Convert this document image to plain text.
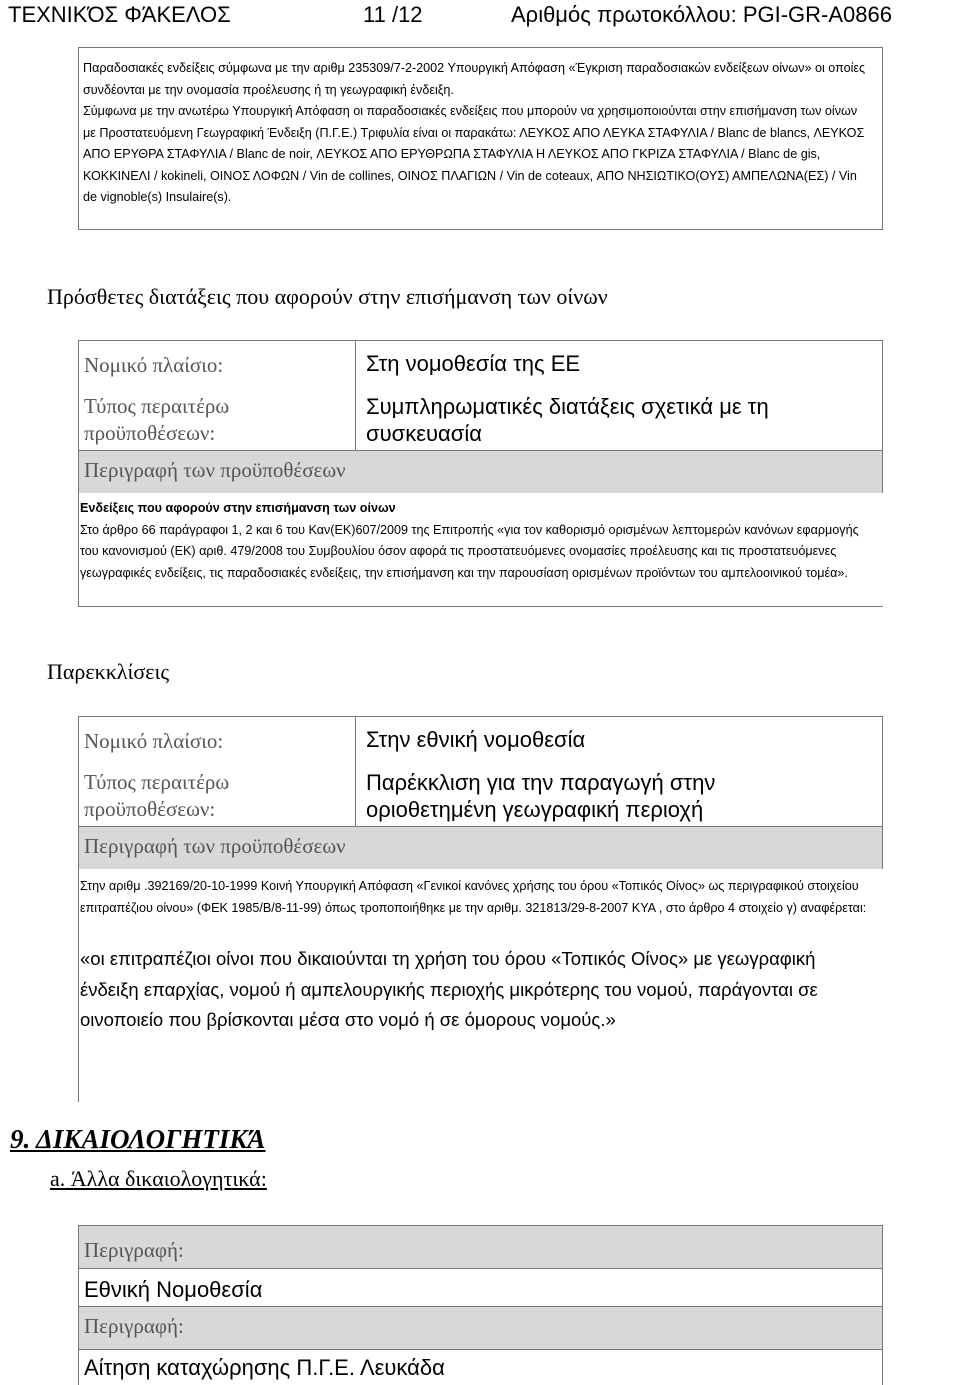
ΤΕΧΝΙΚΌΣ ΦΆΚΕΛΟΣ	11 /12	Αριθμός πρωτοκόλλου: PGI-GR-A0866

Παραδοσιακές ενδείξεις σύμφωνα με την αριθμ 235309/7-2-2002 Υπουργική Απόφαση «Έγκριση παραδοσιακών ενδείξεων οίνων» οι οποίες συνδέονται με την ονομασία προέλευσης ή τη γεωγραφική ένδειξη.

Σύμφωνα με την ανωτέρω Υπουργική Απόφαση οι παραδοσιακές ενδείξεις που μπορούν να χρησιμοποιούνται στην επισήμανση των οίνων με Προστατευόμενη Γεωγραφική Ένδειξη (Π.Γ.Ε.) Τριφυλία είναι οι παρακάτω: ΛΕΥΚΟΣ ΑΠΟ ΛΕΥΚΑ ΣΤΑΦΥΛΙΑ / Blanc de blancs, ΛΕΥΚΟΣ ΑΠΟ ΕΡΥΘΡΑ ΣΤΑΦΥΛΙΑ / Blanc de noir, ΛΕΥΚΟΣ ΑΠΟ ΕΡΥΘΡΩΠΑ ΣΤΑΦΥΛΙΑ Η ΛΕΥΚΟΣ ΑΠΟ ΓΚΡΙΖΑ ΣΤΑΦΥΛΙΑ / Blanc de gis, ΚΟΚΚΙΝΕΛΙ / kokineli, ΟΙΝΟΣ ΛΟΦΩΝ / Vin de collines, ΟΙΝΟΣ ΠΛΑΓΙΩΝ / Vin de coteaux, ΑΠΟ ΝΗΣΙΩΤΙΚΟ(ΟΥΣ) ΑΜΠΕΛΩΝΑ(ΕΣ) / Vin de vignoble(s) Insulaire(s).

Πρόσθετες διατάξεις που αφορούν στην επισήμανση των οίνων
Νομικό πλαίσιο:	Στη νομοθεσία της ΕΕ
Τύπος περαιτέρω προϋποθέσεων:
Συμπληρωματικές διατάξεις σχετικά με τη συσκευασία
Περιγραφή των προϋποθέσεων

Ενδείξεις που αφορούν στην επισήμανση των οίνων

Στο άρθρο 66 παράγραφοι 1, 2 και 6 του Καν(ΕΚ)607/2009 της Επιτροπής «για τον καθορισμό ορισμένων λεπτομερών κανόνων εφαρμογής του κανονισμού (ΕΚ) αριθ. 479/2008 του Συμβουλίου όσον αφορά τις προστατευόμενες ονομασίες προέλευσης και τις προστατευόμενες γεωγραφικές ενδείξεις, τις παραδοσιακές ενδείξεις, την επισήμανση και την παρουσίαση ορισμένων προϊόντων του αμπελοοινικού τομέα».

Παρεκκλίσεις
Νομικό πλαίσιο:	Στην εθνική νομοθεσία
Τύπος περαιτέρω προϋποθέσεων:
Παρέκκλιση για την παραγωγή στην οριοθετημένη γεωγραφική περιοχή
Περιγραφή των προϋποθέσεων

Στην αριθμ .392169/20-10-1999 Κοινή Υπουργική Απόφαση «Γενικοί κανόνες χρήσης του όρου «Τοπικός Οίνος» ως περιγραφικού στοιχείου επιτραπέζιου οίνου» (ΦΕΚ 1985/Β/8-11-99) όπως τροποποιήθηκε με την αριθμ. 321813/29-8-2007 ΚΥΑ , στο άρθρο 4 στοιχείο γ) αναφέρεται:

«οι επιτραπέζιοι οίνοι που δικαιούνται τη χρήση του όρου «Τοπικός Οίνος» με γεωγραφική ένδειξη επαρχίας, νομού ή αμπελουργικής περιοχής μικρότερης του νομού, παράγονται σε οινοποιείο που βρίσκονται μέσα στο νομό ή σε όμορους νομούς.»

9. ΔΙΚΑΙΟΛΟΓΗΤΙΚΆ
a. Άλλα δικαιολογητικά:
Περιγραφή:
Εθνική Νομοθεσία
Περιγραφή:
Αίτηση καταχώρησης Π.Γ.Ε. Λευκάδα
